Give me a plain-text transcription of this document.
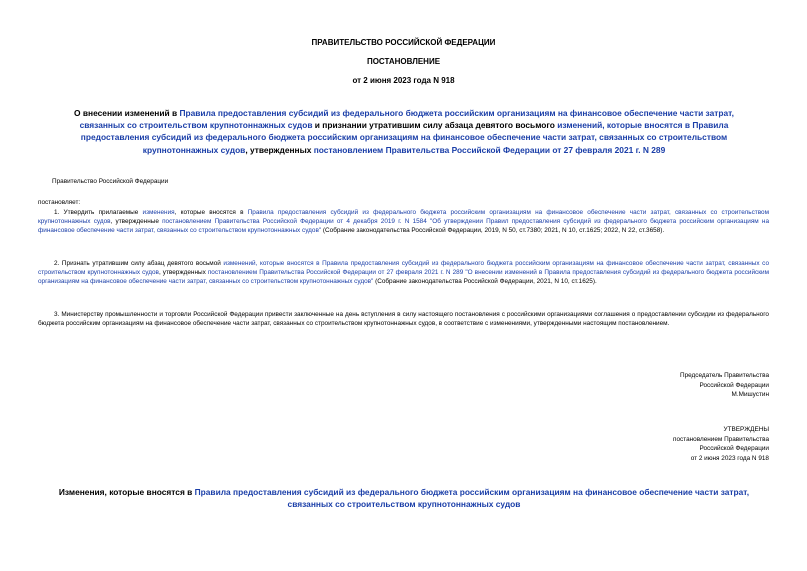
ПРАВИТЕЛЬСТВО РОССИЙСКОЙ ФЕДЕРАЦИИ
ПОСТАНОВЛЕНИЕ
от 2 июня 2023 года N 918
О внесении изменений в Правила предоставления субсидий из федерального бюджета российским организациям на финансовое обеспечение части затрат, связанных со строительством крупнотоннажных судов и признании утратившим силу абзаца девятого восьмого изменений, которые вносятся в Правила предоставления субсидий из федерального бюджета российским организациям на финансовое обеспечение части затрат, связанных со строительством крупнотоннажных судов, утвержденных постановлением Правительства Российской Федерации от 27 февраля 2021 г. N 289
Правительство Российской Федерации
постановляет:
1. Утвердить прилагаемые изменения, которые вносятся в Правила предоставления субсидий из федерального бюджета российским организациям на финансовое обеспечение части затрат, связанных со строительством крупнотоннажных судов, утвержденные постановлением Правительства Российской Федерации от 4 декабря 2019 г. N 1584 "Об утверждении Правил предоставления субсидий из федерального бюджета российским организациям на финансовое обеспечение части затрат, связанных со строительством крупнотоннажных судов" (Собрание законодательства Российской Федерации, 2019, N 50, ст.7380; 2021, N 10, ст.1625; 2022, N 22, ст.3658).
2. Признать утратившим силу абзац девятого восьмой изменений, которые вносятся в Правила предоставления субсидий из федерального бюджета российским организациям на финансовое обеспечение части затрат, связанных со строительством крупнотоннажных судов, утвержденных постановлением Правительства Российской Федерации от 27 февраля 2021 г. N 289 "О внесении изменений в Правила предоставления субсидий из федерального бюджета российским организациям на финансовое обеспечение части затрат, связанных со строительством крупнотоннажных судов" (Собрание законодательства Российской Федерации, 2021, N 10, ст.1625).
3. Министерству промышленности и торговли Российской Федерации привести заключенные на день вступления в силу настоящего постановления с российскими организациями соглашения о предоставлении субсидии из федерального бюджета российским организациям на финансовое обеспечение части затрат, связанных со строительством крупнотоннажных судов, в соответствие с изменениями, утвержденными настоящим постановлением.
Председатель Правительства
Российской Федерации
М.Мишустин
УТВЕРЖДЕНЫ
постановлением Правительства
Российской Федерации
от 2 июня 2023 года N 918
Изменения, которые вносятся в Правила предоставления субсидий из федерального бюджета российским организациям на финансовое обеспечение части затрат, связанных со строительством крупнотоннажных судов
